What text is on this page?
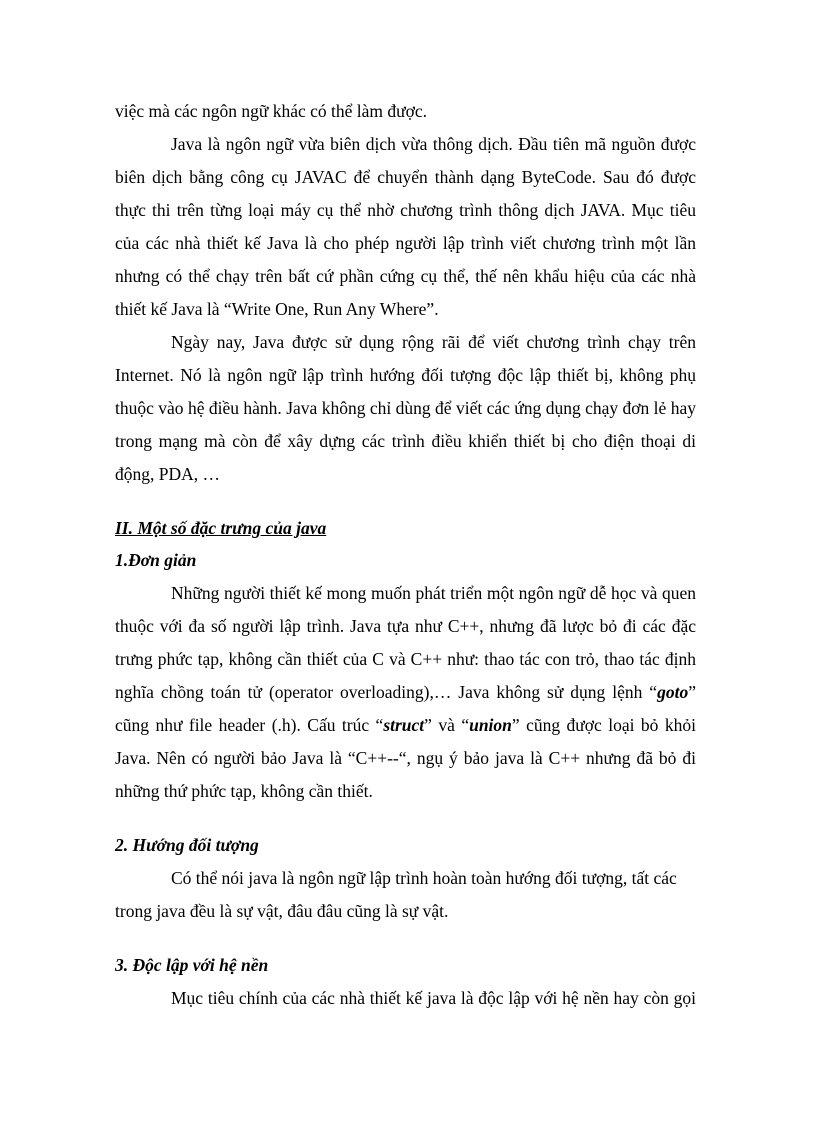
việc mà các ngôn ngữ khác có thể làm được.
Java là ngôn ngữ vừa biên dịch vừa thông dịch. Đầu tiên mã nguồn được
biên dịch bằng công cụ JAVAC để chuyển thành dạng ByteCode. Sau đó được
thực thi trên từng loại máy cụ thể nhờ chương trình thông dịch JAVA. Mục tiêu
của các nhà thiết kế Java là cho phép người lập trình viết chương trình một lần
nhưng có thể chạy trên bất cứ phần cứng cụ thể, thế nên khẩu hiệu của các nhà
thiết kế Java là “Write One, Run Any Where”.
Ngày nay, Java được sử dụng rộng rãi để viết chương trình chạy trên
Internet. Nó là ngôn ngữ lập trình hướng đối tượng độc lập thiết bị, không phụ
thuộc vào hệ điều hành. Java không chỉ dùng để viết các ứng dụng chạy đơn lẻ hay
trong mạng mà còn để xây dựng các trình điều khiển thiết bị cho điện thoại di
động, PDA, …
II. Một số đặc trưng của java
1.Đơn giản
Những người thiết kế mong muốn phát triển một ngôn ngữ dễ học và quen
thuộc với đa số người lập trình. Java tựa như C++, nhưng đã lược bỏ đi các đặc
trưng phức tạp, không cần thiết của C và C++ như: thao tác con trỏ, thao tác định
nghĩa chồng toán tử (operator overloading),… Java không sử dụng lệnh “goto”
cũng như file header (.h). Cấu trúc “struct” và “union” cũng được loại bỏ khỏi
Java. Nên có người bảo Java là “C++--“, ngụ ý bảo java là C++ nhưng đã bỏ đi
những thứ phức tạp, không cần thiết.
2. Hướng đối tượng
Có thể nói java là ngôn ngữ lập trình hoàn toàn hướng đối tượng, tất các
trong java đều là sự vật, đâu đâu cũng là sự vật.
3. Độc lập với hệ nền
Mục tiêu chính của các nhà thiết kế java là độc lập với hệ nền hay còn gọi
